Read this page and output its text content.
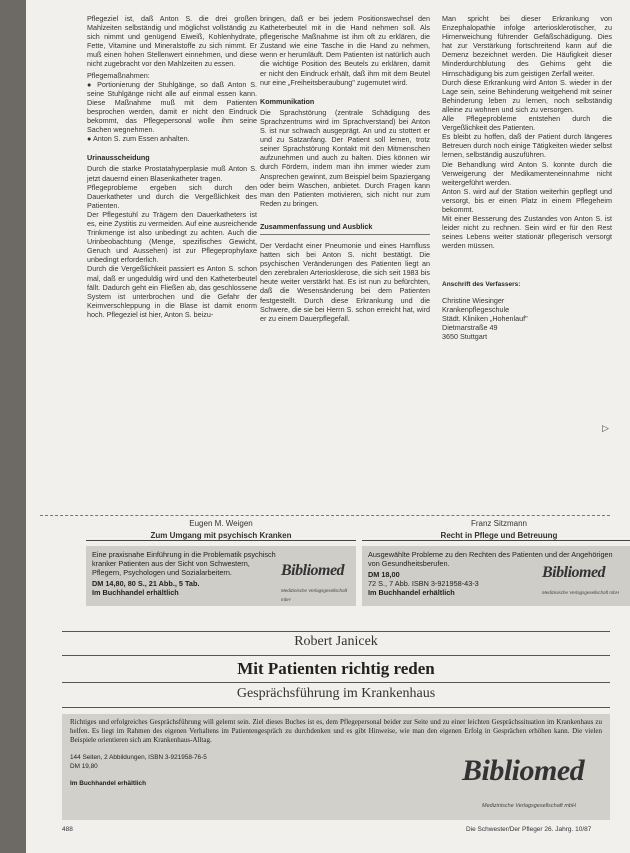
Pflegeziel ist, daß Anton S. die drei großen Mahlzeiten selbständig und möglichst vollständig zu sich nimmt und genügend Eiweiß, Kohlenhydrate, Fette, Vitamine und Mineralstoffe zu sich nimmt. Er muß einen hohen Stellenwert einnehmen, und diese nicht zugebracht vor den Mahlzeiten zu essen.

Pflegemaßnahmen:

● Portionierung der Stuhlgänge, so daß Anton S. seine Stuhlgänge nicht alle auf einmal essen kann. Diese Maßnahme muß mit dem Patienten besprochen werden, damit er nicht den Eindruck bekommt, das Pflegepersonal wolle ihm seine Sachen wegnehmen.

● Anton S. zum Essen anhalten.

Urinausscheidung

Durch die starke Prostatahyperplasie muß Anton S. jetzt dauernd einen Blasenkatheter tragen.

Pflegeprobleme ergeben sich durch den Dauerkatheter und durch die Vergeßlichkeit des Patienten.

Der Pflegestuhl zu Trägern den Dauerkatheters ist es, eine Zystitis zu vermeiden. Auf eine ausreichende Trinkmenge ist also unbedingt zu achten. Auch die Urinbeobachtung (Menge, spezifisches Gewicht, Geruch und Aussehen) ist zur Pflegeprophylaxe unbedingt erforderlich.

Durch die Vergeßlichkeit passiert es Anton S. schon mal, daß er ungeduldig wird und den Katheterbeutel fällt. Dadurch geht ein Fließen ab, das geschlossene System ist unterbrochen und die Gefahr der Keimverschleppung in die Blase ist damit enorm hoch. Pflegeziel ist hier, Anton S. beizu-

bringen, daß er bei jedem Positionswechsel den Katheterbeutel mit in die Hand nehmen soll. Als pflegerische Maßnahme ist ihm oft zu erklären, die Zustand wie eine Tasche in die Hand zu nehmen, wenn er herumläuft. Dem Patienten ist natürlich auch die wichtige Position des Beutels zu erklären, damit er nicht den Eindruck erhält, daß ihm mit dem Beutel nur eine „Freiheitsberaubung" zugemutet wird.

Kommunikation

Die Sprachstörung (zentrale Schädigung des Sprachzentrums wird im Sprachverstand) bei Anton S. ist nur schwach ausgeprägt. An und zu stottert er und zu Satzanfang. Der Patient soll lernen, trotz seiner Sprachstörung Kontakt mit den Mitmenschen aufzunehmen und auch zu halten. Dies können wir durch Fördern, indem man ihn immer wieder zum Ansprechen gewinnt, zum Beispiel beim Spaziergang oder beim Waschen, anbietet. Durch Fragen kann man den Patienten motivieren, sich nicht nur zum Reden zu bringen.

Zusammenfassung und Ausblick

Der Verdacht einer Pneumonie und eines Harnfluss hatten sich bei Anton S. nicht bestätigt. Die psychischen Veränderungen des Patienten liegt an den zerebralen Arteriosklerose, die sich seit 1983 bis heute weiter verstärkt hat. Es ist nun zu befürchten, daß die Wesensänderung bei dem Patienten festgestellt. Durch diese Erkrankung und die Schwere, die sie bei Herrn S. schon erreicht hat, wird er zu einem Dauerpflegefall.

Man spricht bei dieser Erkrankung von Enzephalopathie infolge arteriosklerotischer, zu Hirnerweichung führender Gefäßschädigung. Dies hat zur Verstärkung fortschreitend kann auf die Demenz bezeichnet werden. Die Häufigkeit dieser Minderdurchblutung des Gehirns geht die Hirnschädigung bis zum geistigen Zerfall weiter.

Durch diese Erkrankung wird Anton S. wieder in der Lage sein, seine Behinderung weitgehend mit seiner Behinderung leben zu lernen, noch selbständig alleine zu wohnen und sich zu versorgen.

Alle Pflegeprobleme entstehen durch die Vergeßlichkeit des Patienten.

Es bleibt zu hoffen, daß der Patient durch längeres Betreuen durch noch einige Tätigkeiten wieder selbst lernen, selbständig auszuführen.

Die Behandlung wird Anton S. konnte durch die Verweigerung der Medikamenteneinnahme nicht weitergeführt werden.

Anton S. wird auf der Station weiterhin gepflegt und versorgt, bis er einen Platz in einem Pflegeheim bekommt.

Mit einer Besserung des Zustandes von Anton S. ist leider nicht zu rechnen. Sein wird er für den Rest seines Lebens weiter stationär pflegerisch versorgt werden müssen.

Anschrift des Verfassers:

Christine Wiesinger

Krankenpflegeschule

Städt. Kliniken „Hohenlauf"

Dietmarstraße 49

3650 Stuttgart

▷
Eugen M. Weigen
Zum Umgang mit psychisch Kranken
Eine praxisnahe Einführung in die Problematik psychisch kranker Patienten aus der Sicht von Schwestern, Pflegern, Psychologen und Sozialarbeitern.
DM 14,80, 80 S., 21 Abb., 5 Tab.
Im Buchhandel erhältlich
Bibliomed
Medizinische Verlagsgesellschaft mbH
Franz Sitzmann
Recht in Pflege und Betreuung
Ausgewählte Probleme zu den Rechten des Patienten und der Angehörigen von Gesundheitsberufen.
DM 18,00
72 S., 7 Abb. ISBN 3-921958-43-3
Im Buchhandel erhältlich
Bibliomed
Medizinische Verlagsgesellschaft mbH
Robert Janicek
Mit Patienten richtig reden
Gesprächsführung im Krankenhaus
Richtiges und erfolgreiches Gesprächsführung will gelernt sein. Ziel dieses Buches ist es, dem Pflegepersonal beider zur Seite und zu einer leichten Gesprächssituation im Krankenhaus zu helfen. Es liegt im Rahmen des eigenen Verhaltens im Patientengespräch zu durchdenken und es gibt Hinweise, wie man den eigenen Erfolg in Gesprächen erhöhen kann. Die vielen Beispiele orientieren sich am Krankenhaus-Alltag.
144 Seiten, 2 Abbildungen, ISBN 3-921958-76-5
DM 19,80
Im Buchhandel erhältlich	Bibliomed
Medizinische Verlagsgesellschaft mbH
488	Die Schwester/Der Pfleger 26. Jahrg. 10/87
